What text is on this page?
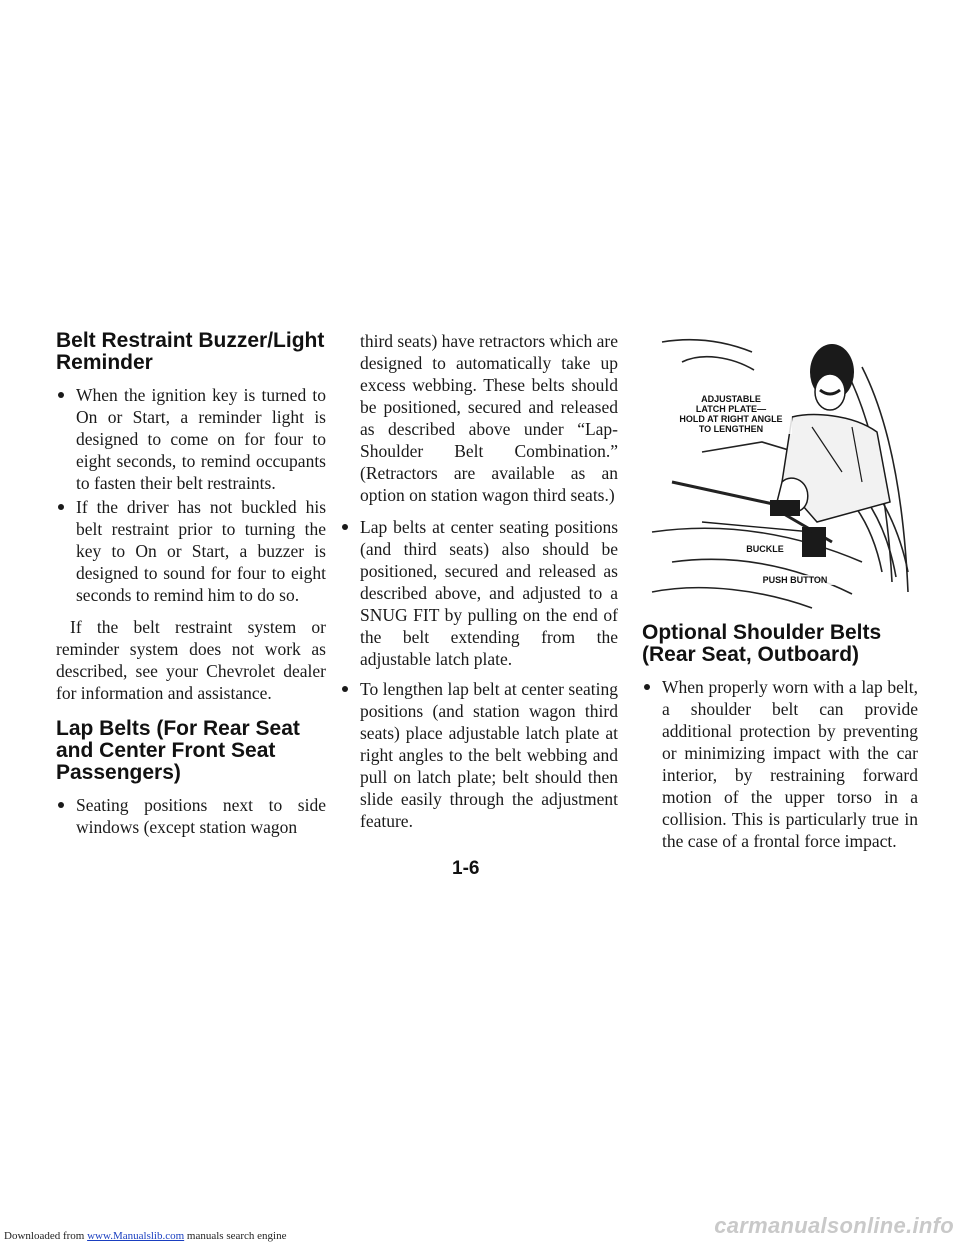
Belt Restraint Buzzer/Light Reminder
When the ignition key is turned to On or Start, a reminder light is designed to come on for four to eight seconds, to remind occupants to fasten their belt restraints.
If the driver has not buckled his belt restraint prior to turning the key to On or Start, a buzzer is designed to sound for four to eight seconds to remind him to do so.

If the belt restraint system or reminder system does not work as described, see your Chevrolet dealer for information and assistance.

Lap Belts (For Rear Seat and Center Front Seat Passengers)
Seating positions next to side windows (except station wagon

third seats) have retractors which are designed to automatically take up excess webbing. These belts should be positioned, secured and released as described above under “Lap-Shoulder Belt Combination.” (Retractors are available as an option on station wagon third seats.)

Lap belts at center seating positions (and third seats) also should be positioned, secured and released as described above, and adjusted to a SNUG FIT by pulling on the end of the belt extending from the adjustable latch plate.
To lengthen lap belt at center seating positions (and station wagon third seats) place adjustable latch plate at right angles to the belt webbing and pull on latch plate; belt should then slide easily through the adjustment feature.
ADJUSTABLE
LATCH PLATE—
HOLD AT RIGHT ANGLE
TO LENGTHEN
BUCKLE
PUSH BUTTON
Optional Shoulder Belts (Rear Seat, Outboard)
When properly worn with a lap belt, a shoulder belt can provide additional protection by preventing or minimizing impact with the car interior, by restraining forward motion of the upper torso in a collision. This is particularly true in the case of a frontal force impact.
1-6
Downloaded from www.Manualslib.com manuals search engine	carmanualsonline.info
